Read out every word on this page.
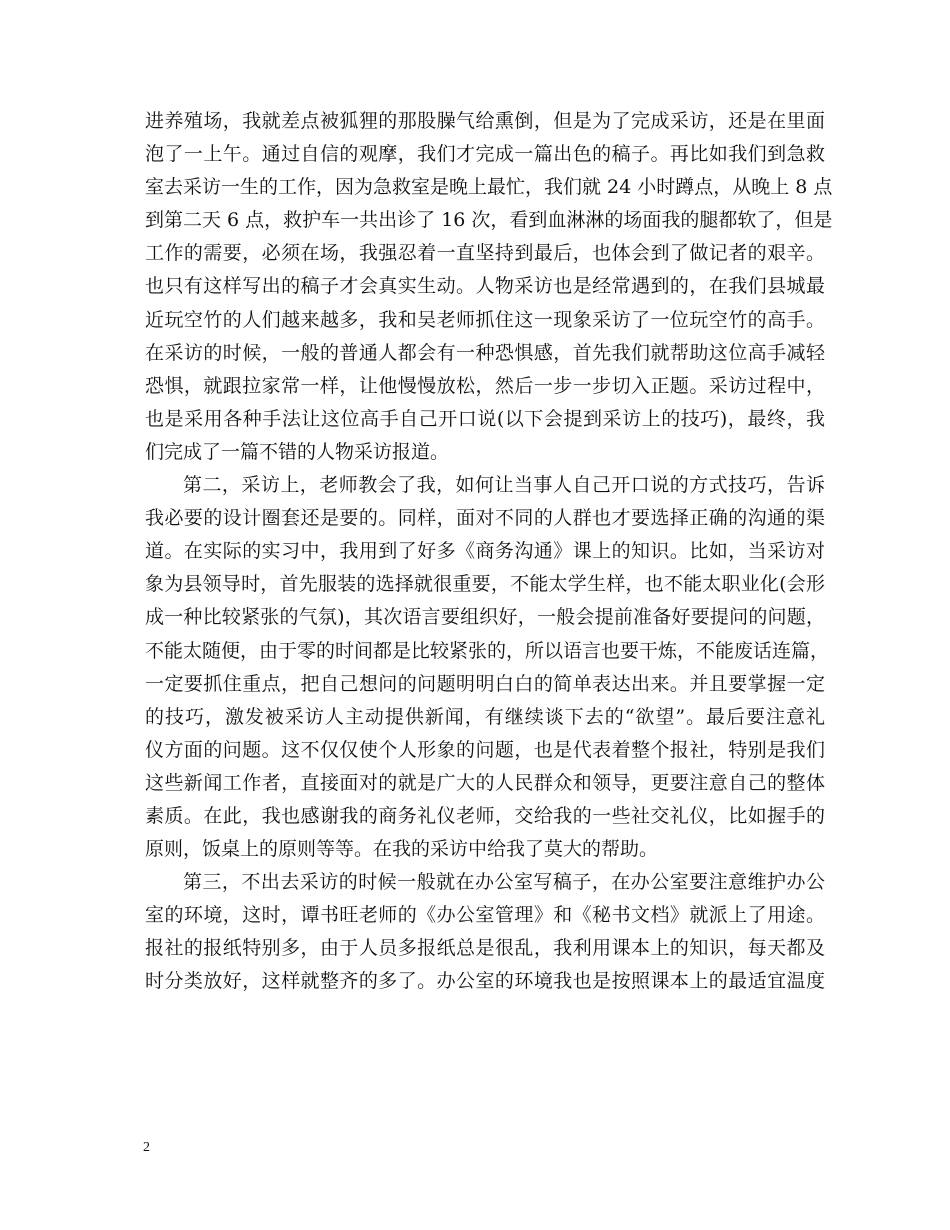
进养殖场，我就差点被狐狸的那股臊气给熏倒，但是为了完成采访，还是在里面
泡了一上午。通过自信的观摩，我们才完成一篇出色的稿子。再比如我们到急救
室去采访一生的工作，因为急救室是晚上最忙，我们就 24 小时蹲点，从晚上 8 点
到第二天 6 点，救护车一共出诊了 16 次，看到血淋淋的场面我的腿都软了，但是
工作的需要，必须在场，我强忍着一直坚持到最后，也体会到了做记者的艰辛。
也只有这样写出的稿子才会真实生动。人物采访也是经常遇到的，在我们县城最
近玩空竹的人们越来越多，我和吴老师抓住这一现象采访了一位玩空竹的高手。
在采访的时候，一般的普通人都会有一种恐惧感，首先我们就帮助这位高手减轻
恐惧，就跟拉家常一样，让他慢慢放松，然后一步一步切入正题。采访过程中，
也是采用各种手法让这位高手自己开口说(以下会提到采访上的技巧)，最终，我
们完成了一篇不错的人物采访报道。
第二，采访上，老师教会了我，如何让当事人自己开口说的方式技巧，告诉
我必要的设计圈套还是要的。同样，面对不同的人群也才要选择正确的沟通的渠
道。在实际的实习中，我用到了好多《商务沟通》课上的知识。比如，当采访对
象为县领导时，首先服装的选择就很重要，不能太学生样，也不能太职业化(会形
成一种比较紧张的气氛)，其次语言要组织好，一般会提前准备好要提问的问题，
不能太随便，由于零的时间都是比较紧张的，所以语言也要干炼，不能废话连篇，
一定要抓住重点，把自己想问的问题明明白白的简单表达出来。并且要掌握一定
的技巧，激发被采访人主动提供新闻，有继续谈下去的“欲望”。最后要注意礼
仪方面的问题。这不仅仅使个人形象的问题，也是代表着整个报社，特别是我们
这些新闻工作者，直接面对的就是广大的人民群众和领导，更要注意自己的整体
素质。在此，我也感谢我的商务礼仪老师，交给我的一些社交礼仪，比如握手的
原则，饭桌上的原则等等。在我的采访中给我了莫大的帮助。
第三，不出去采访的时候一般就在办公室写稿子，在办公室要注意维护办公
室的环境，这时，谭书旺老师的《办公室管理》和《秘书文档》就派上了用途。
报社的报纸特别多，由于人员多报纸总是很乱，我利用课本上的知识，每天都及
时分类放好，这样就整齐的多了。办公室的环境我也是按照课本上的最适宜温度
2
